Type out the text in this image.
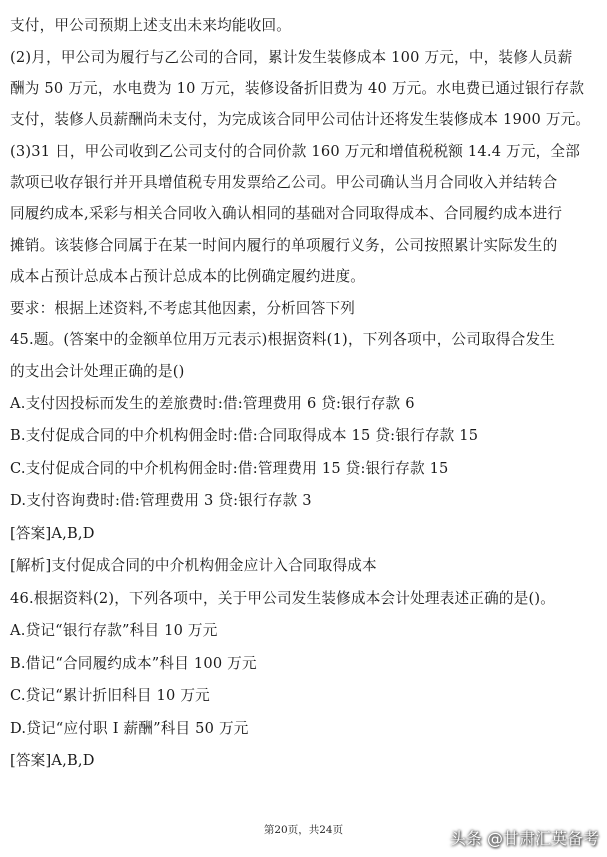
支付，甲公司预期上述支出未来均能收回。
(2)月，甲公司为履行与乙公司的合同，累计发生装修成本 100 万元，中，装修人员薪
酬为 50 万元，水电费为 10 万元，装修设备折旧费为 40 万元。水电费已通过银行存款
支付，装修人员薪酬尚未支付，为完成该合同甲公司估计还将发生装修成本 1900 万元。
(3)31 日，甲公司收到乙公司支付的合同价款 160 万元和增值税税额 14.4 万元，全部
款项已收存银行并开具增值税专用发票给乙公司。甲公司确认当月合同收入并结转合
同履约成本,采彩与相关合同收入确认相同的基础对合同取得成本、合同履约成本进行
摊销。该装修合同属于在某一时间内履行的单项履行义务，公司按照累计实际发生的
成本占预计总成本占预计总成本的比例确定履约进度。
要求：根据上述资料,不考虑其他因素，分析回答下列
45.题。(答案中的金额单位用万元表示)根据资料(1)，下列各项中，公司取得合发生
的支出会计处理正确的是()
A.支付因投标而发生的差旅费时:借:管理费用 6 贷:银行存款 6
B.支付促成合同的中介机构佣金时:借:合同取得成本 15 贷:银行存款 15
C.支付促成合同的中介机构佣金时:借:管理费用 15 贷:银行存款 15
D.支付咨询费时:借:管理费用 3 贷:银行存款 3
[答案]A,B,D
[解析]支付促成合同的中介机构佣金应计入合同取得成本
46.根据资料(2)，下列各项中，关于甲公司发生装修成本会计处理表述正确的是()。
A.贷记“银行存款”科目 10 万元
B.借记“合同履约成本”科目 100 万元
C.贷记“累计折旧科目 10 万元
D.贷记“应付职 I 薪酬”科目 50 万元
[答案]A,B,D
第20页，共24页	头条 @甘肃汇英备考
